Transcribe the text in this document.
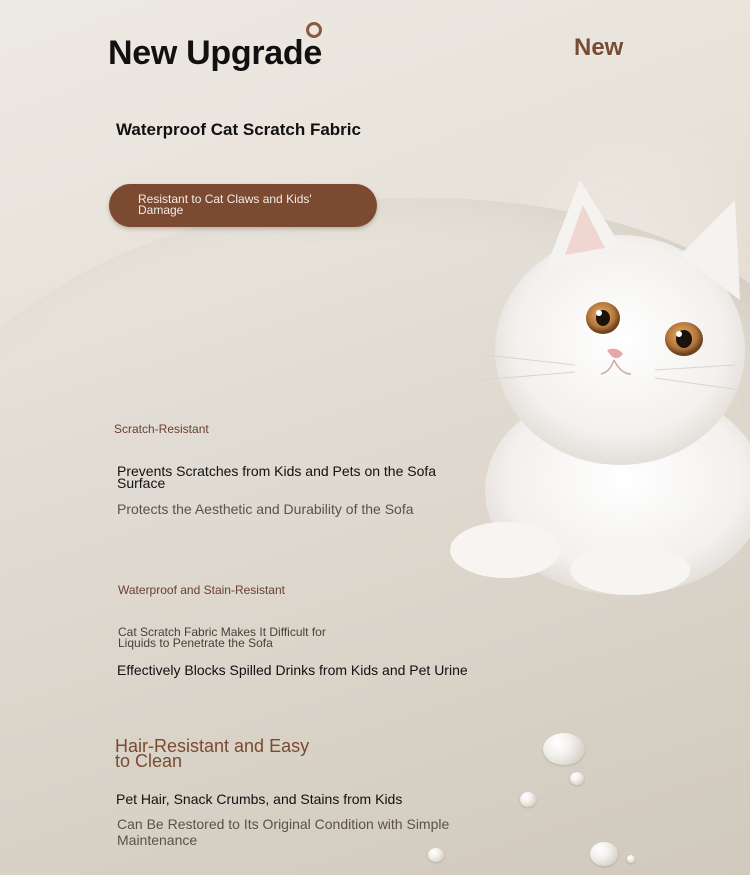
New Upgrade	New
Waterproof Cat Scratch Fabric
Resistant to Cat Claws and Kids' Damage
Scratch-Resistant
Prevents Scratches from Kids and Pets on the Sofa Surface
Protects the Aesthetic and Durability of the Sofa
Waterproof and Stain-Resistant
Cat Scratch Fabric Makes It Difficult for Liquids to Penetrate the Sofa
Effectively Blocks Spilled Drinks from Kids and Pet Urine
Hair-Resistant and Easy to Clean
Pet Hair, Snack Crumbs, and Stains from Kids
Can Be Restored to Its Original Condition with Simple Maintenance
